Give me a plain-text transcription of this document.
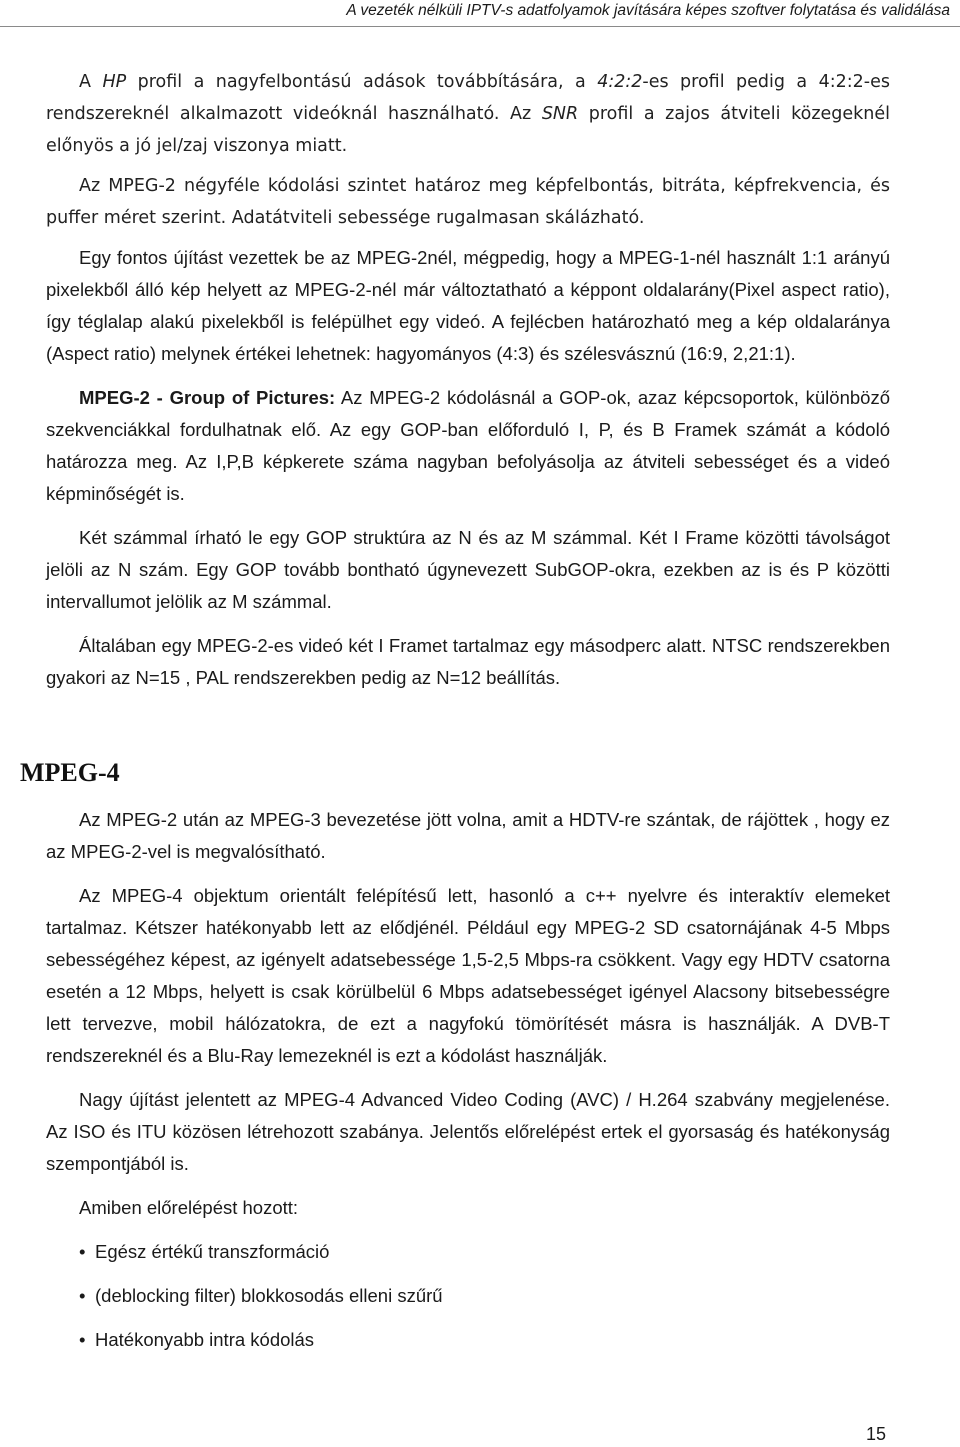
A vezeték nélküli IPTV-s adatfolyamok javítására képes szoftver folytatása és validálása

A HP profil a nagyfelbontású adások továbbítására, a 4:2:2-es profil pedig a 4:2:2-es rendszereknél alkalmazott videóknál használható. Az SNR profil a zajos átviteli közegeknél előnyös a jó jel/zaj viszonya miatt.

Az MPEG-2 négyféle kódolási szintet határoz meg képfelbontás, bitráta, képfrekvencia, és puffer méret szerint. Adatátviteli sebessége rugalmasan skálázható.

Egy fontos újítást vezettek be az MPEG-2nél, mégpedig, hogy a MPEG-1-nél használt 1:1 arányú pixelekből álló kép helyett az MPEG-2-nél már változtatható a képpont oldalarány(Pixel aspect ratio), így téglalap alakú pixelekből is felépülhet egy videó. A fejlécben határozható meg a kép oldalaránya (Aspect ratio) melynek értékei lehetnek: hagyományos (4:3) és szélesvásznú (16:9, 2,21:1).

MPEG-2 - Group of Pictures: Az MPEG-2 kódolásnál a GOP-ok, azaz képcsoportok, különböző szekvenciákkal fordulhatnak elő. Az egy GOP-ban előforduló I, P, és B Framek számát a kódoló határozza meg. Az I,P,B képkerete száma nagyban befolyásolja az átviteli sebességet és a videó képminőségét is.

Két számmal írható le egy GOP struktúra az N és az M számmal. Két I Frame közötti távolságot jelöli az N szám. Egy GOP tovább bontható úgynevezett SubGOP-okra, ezekben az is és P közötti intervallumot jelölik az M számmal.

Általában egy MPEG-2-es videó két I Framet tartalmaz egy másodperc alatt. NTSC rendszerekben gyakori az N=15 , PAL rendszerekben pedig az N=12 beállítás.

MPEG-4

Az MPEG-2 után az MPEG-3 bevezetése jött volna, amit a HDTV-re szántak, de rájöttek , hogy ez az MPEG-2-vel is megvalósítható.

Az MPEG-4 objektum orientált felépítésű lett, hasonló a c++ nyelvre és interaktív elemeket tartalmaz. Kétszer hatékonyabb lett az elődjénél. Például egy MPEG-2 SD csatornájának 4-5 Mbps sebességéhez képest, az igényelt adatsebessége 1,5-2,5 Mbps-ra csökkent. Vagy egy HDTV csatorna esetén a 12 Mbps, helyett is csak körülbelül 6 Mbps adatsebességet igényel Alacsony bitsebességre lett tervezve, mobil hálózatokra, de ezt a nagyfokú tömörítését másra is használják. A DVB-T rendszereknél és a Blu-Ray lemezeknél is ezt a kódolást használják.

Nagy újítást jelentett az MPEG-4 Advanced Video Coding (AVC) / H.264 szabvány megjelenése. Az ISO és ITU közösen létrehozott szabánya. Jelentős előrelépést ertek el gyorsaság és hatékonyság szempontjából is.

Amiben előrelépést hozott:

• Egész értékű transzformáció
• (deblocking filter) blokkosodás elleni szűrű
• Hatékonyabb intra kódolás
15
